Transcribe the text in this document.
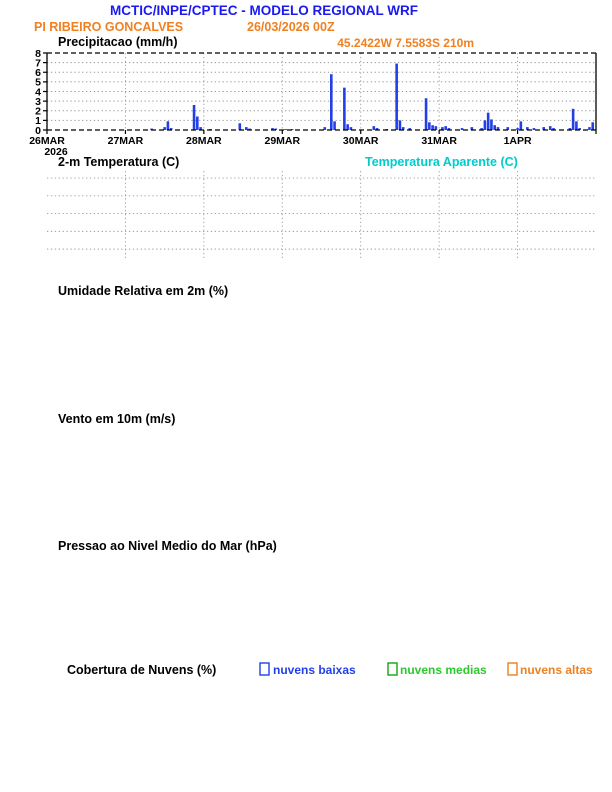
MCTIC/INPE/CPTEC - MODELO REGIONAL WRF
PI RIBEIRO GONCALVES	26/03/2026 00Z
45.2422W 7.5583S 210m
Precipitacao (mm/h)
2-m Temperatura (C)	Temperatura Aparente (C)
Umidade Relativa em 2m (%)
Vento em 10m (m/s)
Pressao ao Nivel Medio do Mar (hPa)
Cobertura de Nuvens (%)	nuvens baixas	nuvens medias	nuvens altas
0
1
2
3
4
5
6
7
8
26MAR	27MAR	28MAR	29MAR	30MAR	31MAR	1APR
2026
